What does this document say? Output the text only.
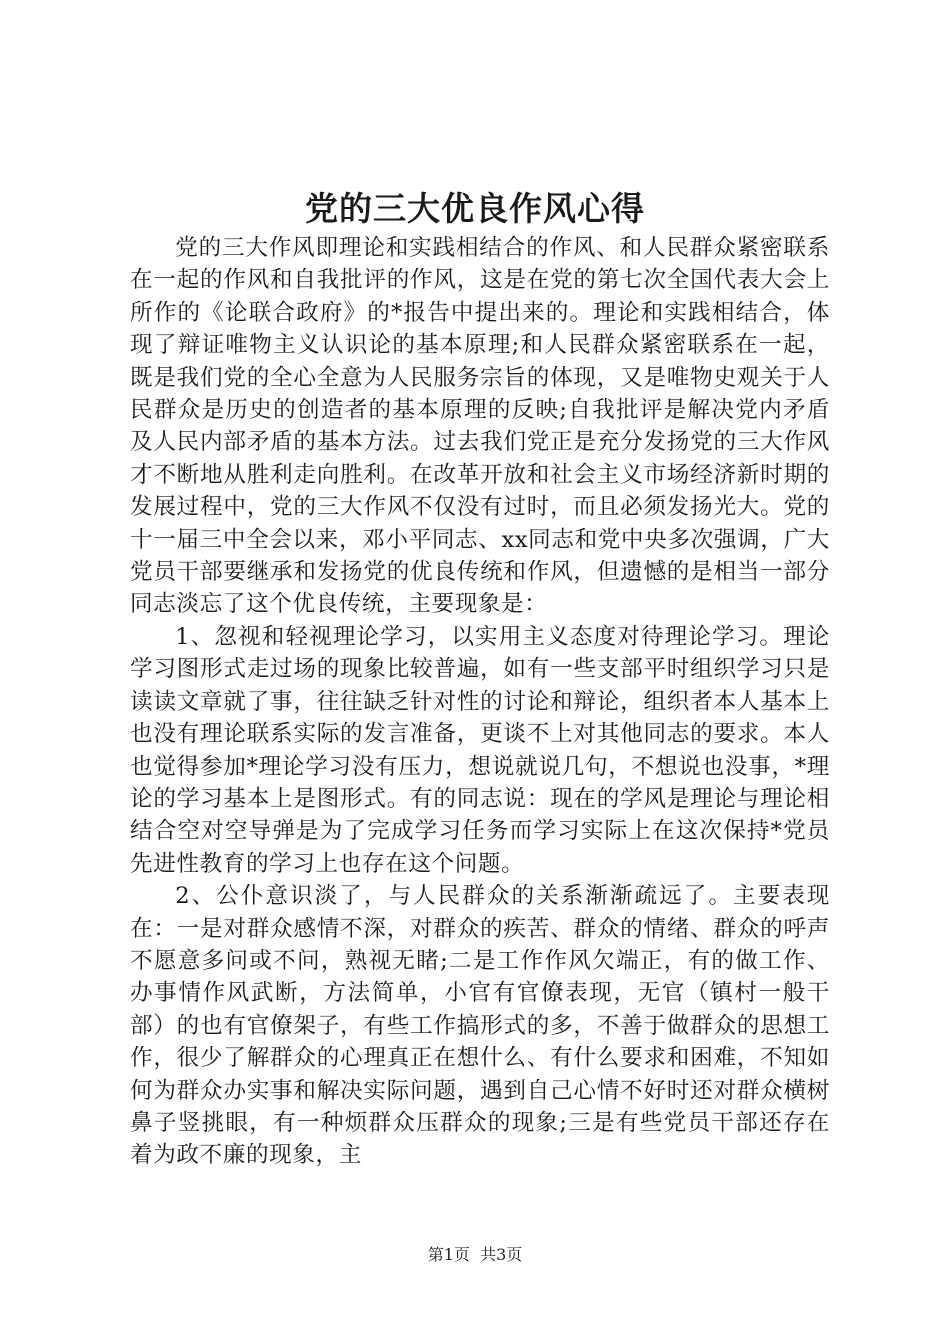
党的三大优良作风心得

党的三大作风即理论和实践相结合的作风、和人民群众紧密联系在一起的作风和自我批评的作风，这是在党的第七次全国代表大会上所作的《论联合政府》的*报告中提出来的。理论和实践相结合，体现了辩证唯物主义认识论的基本原理;和人民群众紧密联系在一起，既是我们党的全心全意为人民服务宗旨的体现，又是唯物史观关于人民群众是历史的创造者的基本原理的反映;自我批评是解决党内矛盾及人民内部矛盾的基本方法。过去我们党正是充分发扬党的三大作风才不断地从胜利走向胜利。在改革开放和社会主义市场经济新时期的发展过程中，党的三大作风不仅没有过时，而且必须发扬光大。党的十一届三中全会以来，邓小平同志、xx同志和党中央多次强调，广大党员干部要继承和发扬党的优良传统和作风，但遗憾的是相当一部分同志淡忘了这个优良传统，主要现象是：

1、忽视和轻视理论学习，以实用主义态度对待理论学习。理论学习图形式走过场的现象比较普遍，如有一些支部平时组织学习只是读读文章就了事，往往缺乏针对性的讨论和辩论，组织者本人基本上也没有理论联系实际的发言准备，更谈不上对其他同志的要求。本人也觉得参加*理论学习没有压力，想说就说几句，不想说也没事，*理论的学习基本上是图形式。有的同志说：现在的学风是理论与理论相结合空对空导弹是为了完成学习任务而学习实际上在这次保持*党员先进性教育的学习上也存在这个问题。

2、公仆意识淡了，与人民群众的关系渐渐疏远了。主要表现在：一是对群众感情不深，对群众的疾苦、群众的情绪、群众的呼声不愿意多问或不问，熟视无睹;二是工作作风欠端正，有的做工作、办事情作风武断，方法简单，小官有官僚表现，无官（镇村一般干部）的也有官僚架子，有些工作搞形式的多，不善于做群众的思想工作，很少了解群众的心理真正在想什么、有什么要求和困难，不知如何为群众办实事和解决实际问题，遇到自己心情不好时还对群众横树鼻子竖挑眼，有一种烦群众压群众的现象;三是有些党员干部还存在着为政不廉的现象，主

第1页 共3页
